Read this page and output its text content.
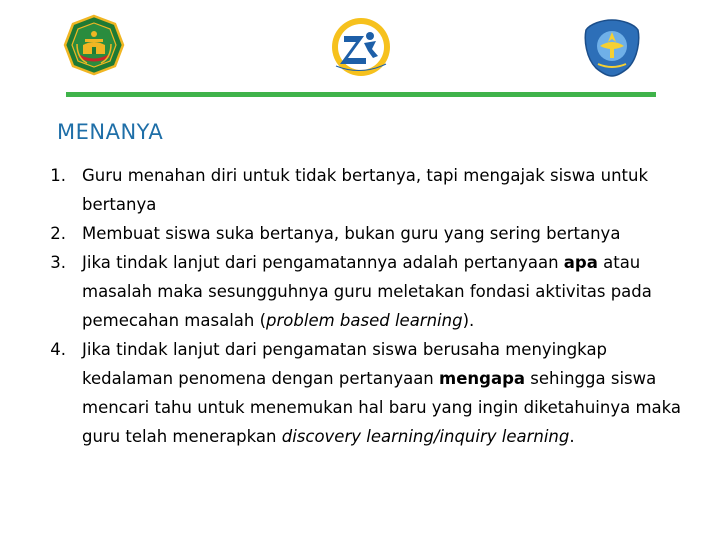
MENANYA
1. Guru menahan diri untuk tidak bertanya, tapi mengajak siswa untuk bertanya
2. Membuat siswa suka bertanya, bukan guru yang sering bertanya
3. Jika tindak lanjut dari pengamatannya adalah pertanyaan apa atau masalah maka sesungguhnya guru meletakan fondasi aktivitas pada pemecahan masalah (problem based learning).
4. Jika tindak lanjut dari pengamatan siswa berusaha menyingkap kedalaman penomena dengan pertanyaan mengapa sehingga siswa mencari tahu untuk menemukan hal baru yang ingin diketahuinya maka guru telah menerapkan discovery learning/inquiry learning.
